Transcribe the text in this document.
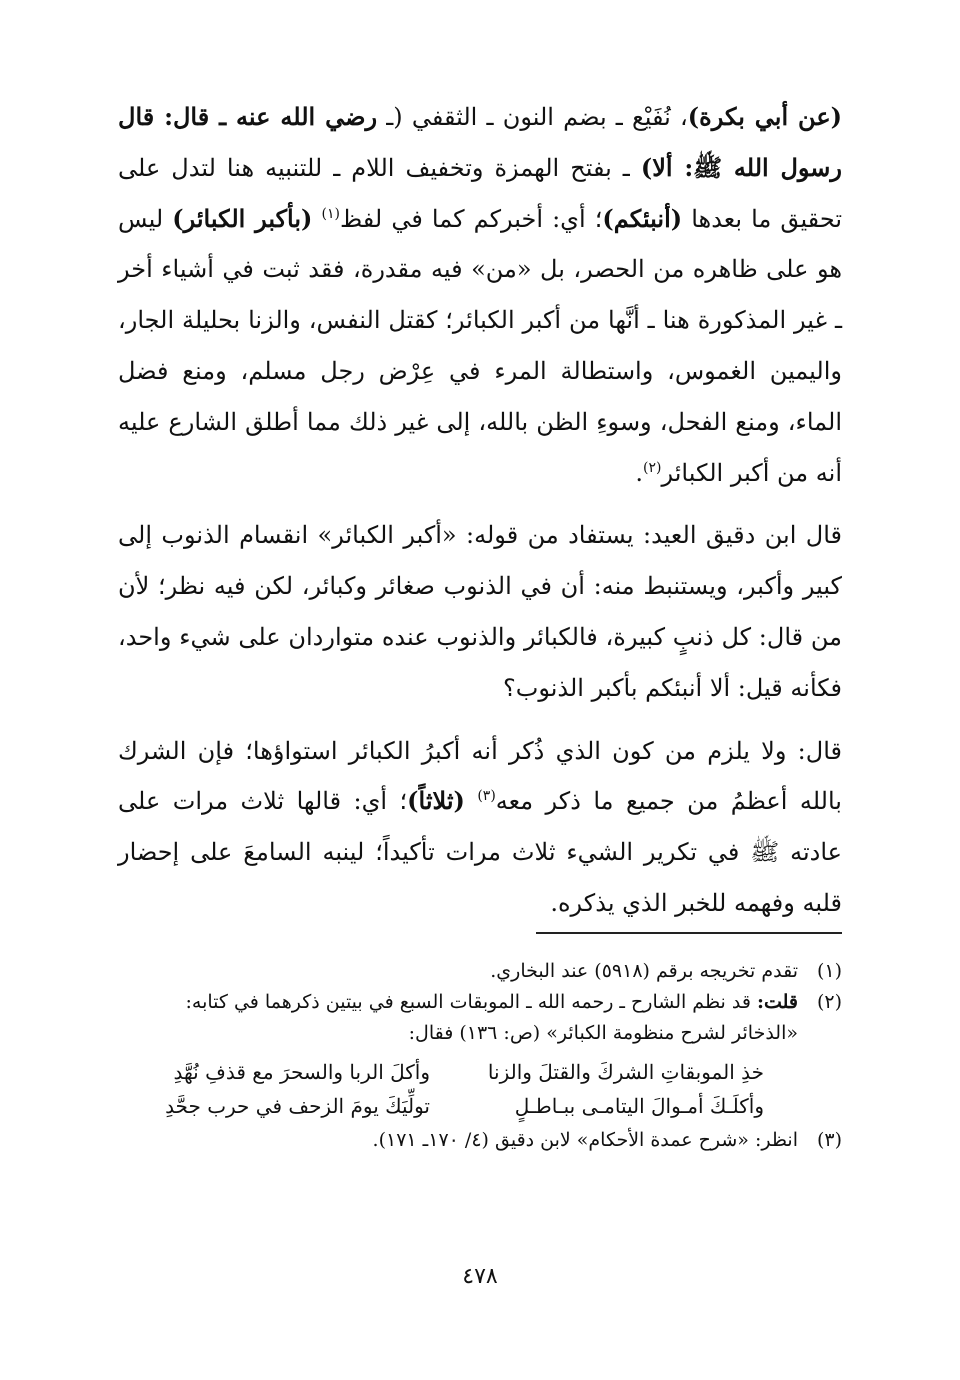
(عن أبي بكرة)، نُفَيْع ـ بضم النون ـ الثقفي (ـ رضي الله عنه ـ قال: قال رسول الله ﷺ: ألا) ـ بفتح الهمزة وتخفيف اللام ـ للتنبيه هنا لتدل على تحقيق ما بعدها (أنبئكم)؛ أي: أخبركم كما في لفظ$^{(١)}$ (بأكبر الكبائر) ليس هو على ظاهره من الحصر، بل «من» فيه مقدرة، فقد ثبت في أشياء أخر ـ غير المذكورة هنا ـ أنَّها من أكبر الكبائر؛ كقتل النفس، والزنا بحليلة الجار، واليمين الغموس، واستطالة المرء في عِرْض رجل مسلم، ومنع فضل الماء، ومنع الفحل، وسوءِ الظن بالله، إلى غير ذلك مما أطلق الشارع عليه أنه من أكبر الكبائر$^{(٢)}$.

قال ابن دقيق العيد: يستفاد من قوله: «أكبر الكبائر» انقسام الذنوب إلى كبير وأكبر، ويستنبط منه: أن في الذنوب صغائر وكبائر، لكن فيه نظر؛ لأن من قال: كل ذنبٍ كبيرة، فالكبائر والذنوب عنده متواردان على شيء واحد، فكأنه قيل: ألا أنبئكم بأكبر الذنوب؟

قال: ولا يلزم من كون الذي ذُكر أنه أكبرُ الكبائر استواؤها؛ فإن الشرك بالله أعظمُ من جميع ما ذكر معه$^{(٣)}$ (ثلاثاً)؛ أي: قالها ثلاث مرات على عادته ﷺ في تكرير الشيء ثلاث مرات تأكيداً؛ لينبه السامعَ على إحضار قلبه وفهمه للخبر الذي يذكره.

(١)
تقدم تخريجه برقم (٥٩١٨) عند البخاري.
(٢)
قلت: قد نظم الشارح ـ رحمه الله ـ الموبقات السبع في بيتين ذكرهما في كتابه: «الذخائر لشرح منظومة الكبائر» (ص: ١٣٦) فقال:
خذِ الموبقاتِ الشركَ والقتلَ والزنا
وأكلَ الربا والسحرَ مع قذفِ نُهَّدِ
وأكلَـكَ أمـوالَ اليتامـى ببـاطـلٍ
تولِّيَكَ يومَ الزحف في حرب جحَّدِ
(٣)
انظر: «شرح عمدة الأحكام» لابن دقيق (٤/ ١٧٠ـ ١٧١).
٤٧٨
